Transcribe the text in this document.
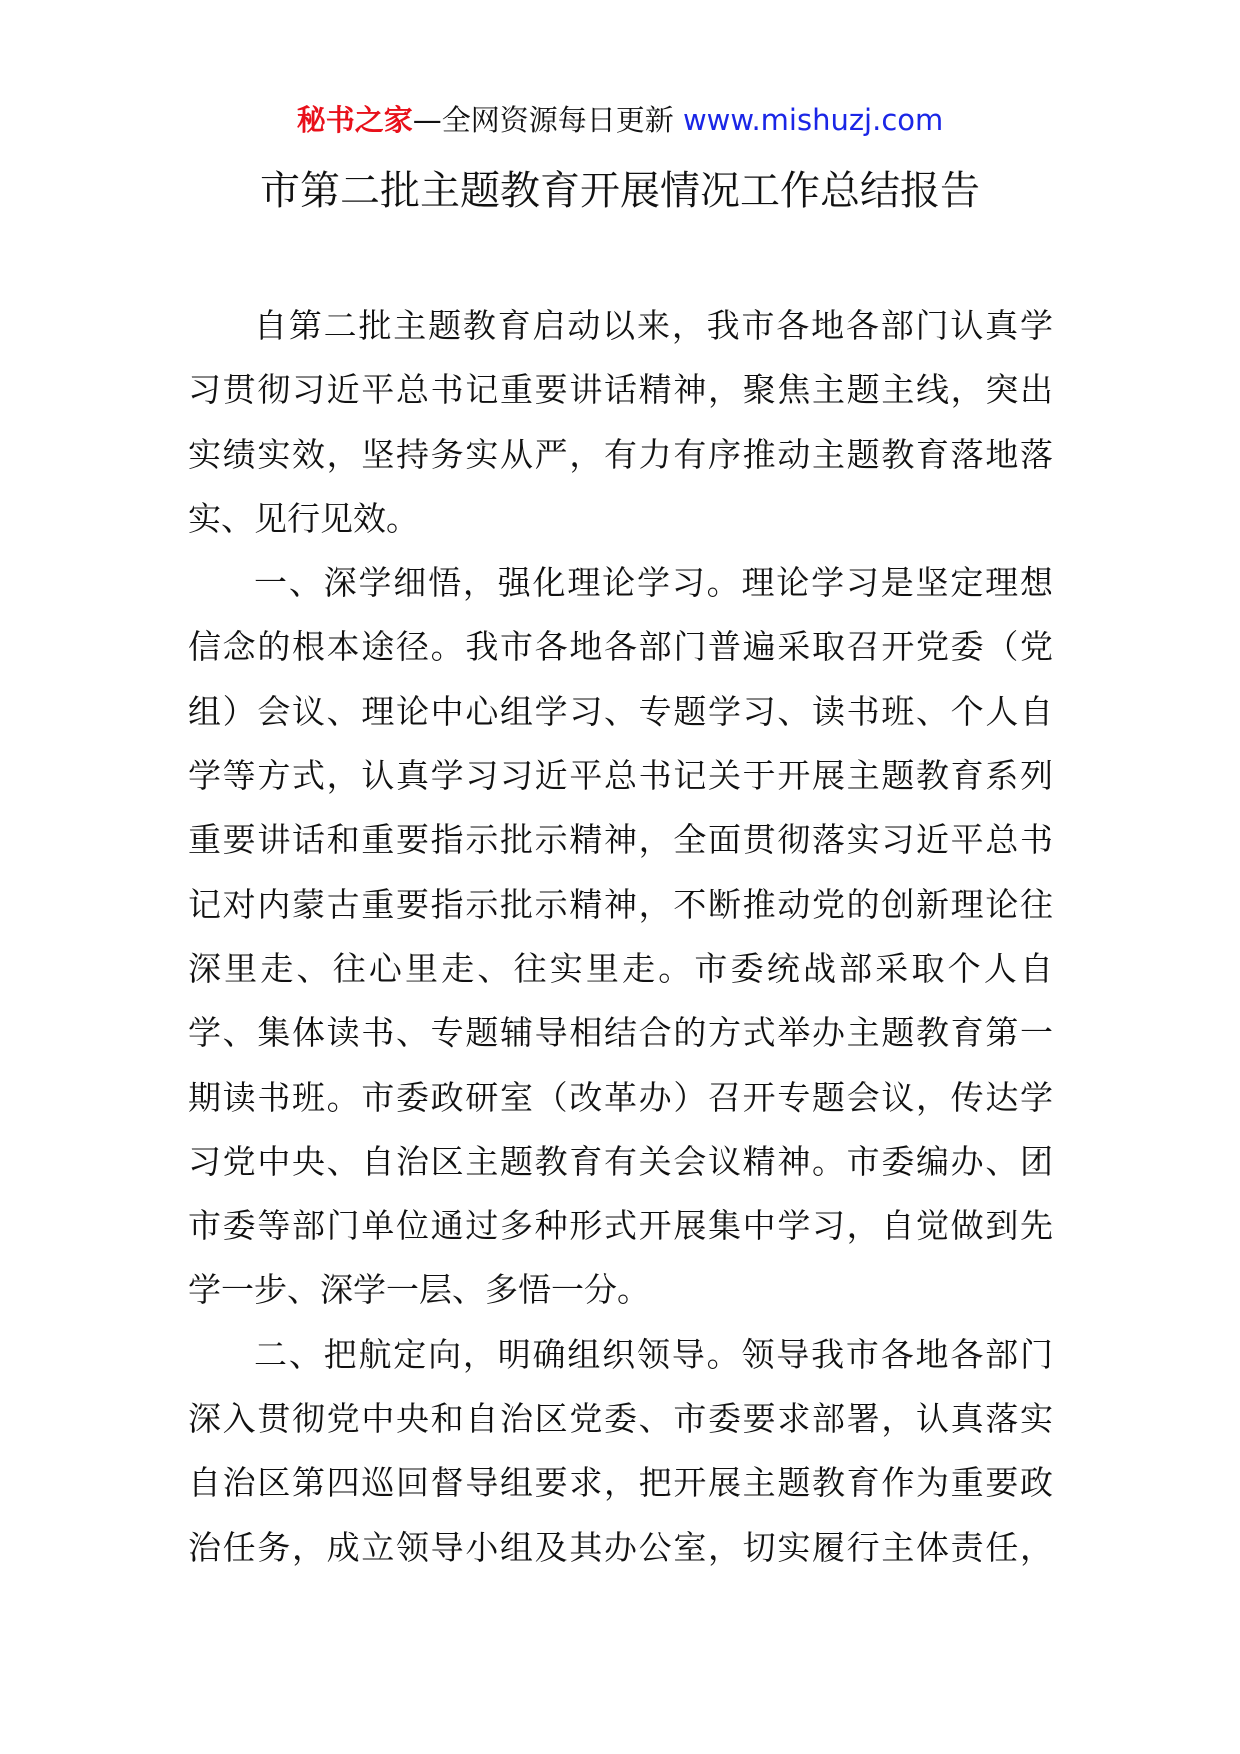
秘书之家—全网资源每日更新 www.mishuzj.com
市第二批主题教育开展情况工作总结报告
自第二批主题教育启动以来，我市各地各部门认真学
习贯彻习近平总书记重要讲话精神，聚焦主题主线，突出
实绩实效，坚持务实从严，有力有序推动主题教育落地落
实、见行见效。
一、深学细悟，强化理论学习。理论学习是坚定理想
信念的根本途径。我市各地各部门普遍采取召开党委（党
组）会议、理论中心组学习、专题学习、读书班、个人自
学等方式，认真学习习近平总书记关于开展主题教育系列
重要讲话和重要指示批示精神，全面贯彻落实习近平总书
记对内蒙古重要指示批示精神，不断推动党的创新理论往
深里走、往心里走、往实里走。市委统战部采取个人自
学、集体读书、专题辅导相结合的方式举办主题教育第一
期读书班。市委政研室（改革办）召开专题会议，传达学
习党中央、自治区主题教育有关会议精神。市委编办、团
市委等部门单位通过多种形式开展集中学习，自觉做到先
学一步、深学一层、多悟一分。
二、把航定向，明确组织领导。领导我市各地各部门
深入贯彻党中央和自治区党委、市委要求部署，认真落实
自治区第四巡回督导组要求，把开展主题教育作为重要政
治任务，成立领导小组及其办公室，切实履行主体责任，
